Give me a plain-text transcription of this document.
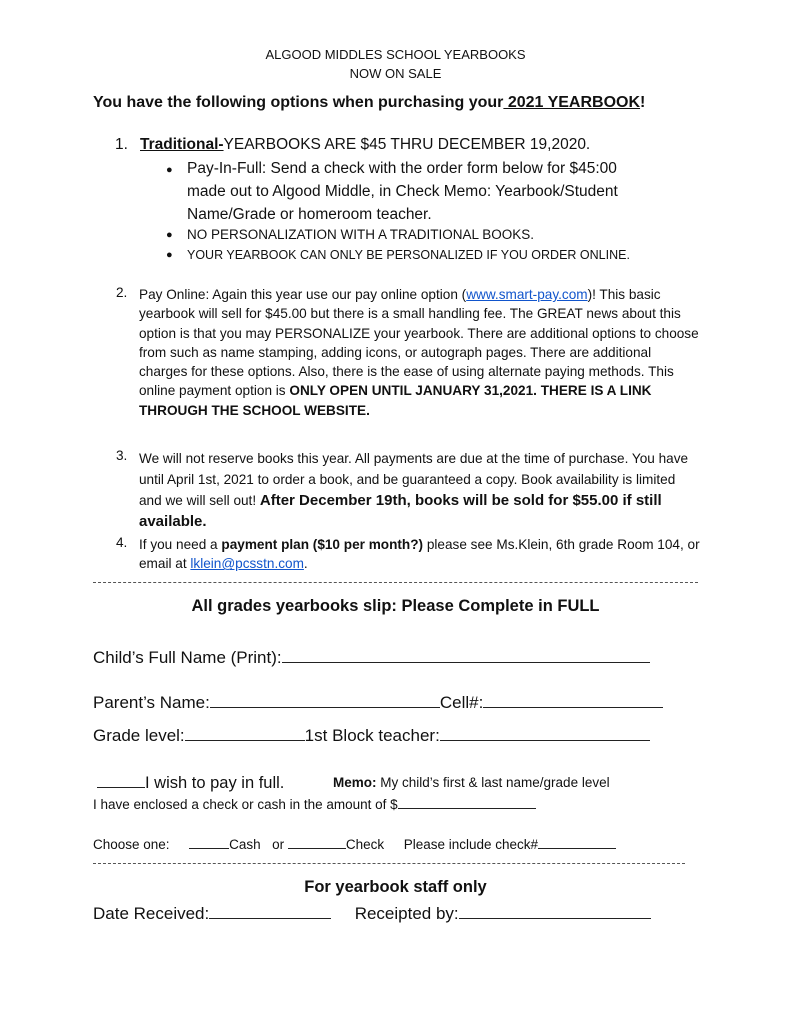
ALGOOD MIDDLES SCHOOL YEARBOOKS
NOW ON SALE
You have the following options when purchasing your 2021 YEARBOOK!
1. Traditional-YEARBOOKS ARE $45 THRU DECEMBER 19,2020.
● Pay-In-Full: Send a check with the order form below for $45:00
made out to Algood Middle, in Check Memo: Yearbook/Student
Name/Grade or homeroom teacher.
● NO PERSONALIZATION WITH A TRADITIONAL BOOKS.
● YOUR YEARBOOK CAN ONLY BE PERSONALIZED IF YOU ORDER ONLINE.
2. Pay Online: Again this year use our pay online option (www.smart-pay.com)! This basic yearbook will sell for $45.00 but there is a small handling fee. The GREAT news about this option is that you may PERSONALIZE your yearbook. There are additional options to choose from such as name stamping, adding icons, or autograph pages. There are additional charges for these options. Also, there is the ease of using alternate paying methods. This online payment option is ONLY OPEN UNTIL JANUARY 31,2021. THERE IS A LINK THROUGH THE SCHOOL WEBSITE.
3. We will not reserve books this year. All payments are due at the time of purchase. You have until April 1st, 2021 to order a book, and be guaranteed a copy. Book availability is limited and we will sell out! After December 19th, books will be sold for $55.00 if still available.
4. If you need a payment plan ($10 per month?) please see Ms.Klein, 6th grade Room 104, or email at lklein@pcsstn.com.
All grades yearbooks slip: Please Complete in FULL
Child’s Full Name (Print):
Parent’s Name:	Cell#:
Grade level:	1st Block teacher:
I wish to pay in full.	Memo: My child’s first & last name/grade level
I have enclosed a check or cash in the amount of $
Choose one:	Cash or	Check Please include check#
For yearbook staff only
Date Received:	Receipted by:
